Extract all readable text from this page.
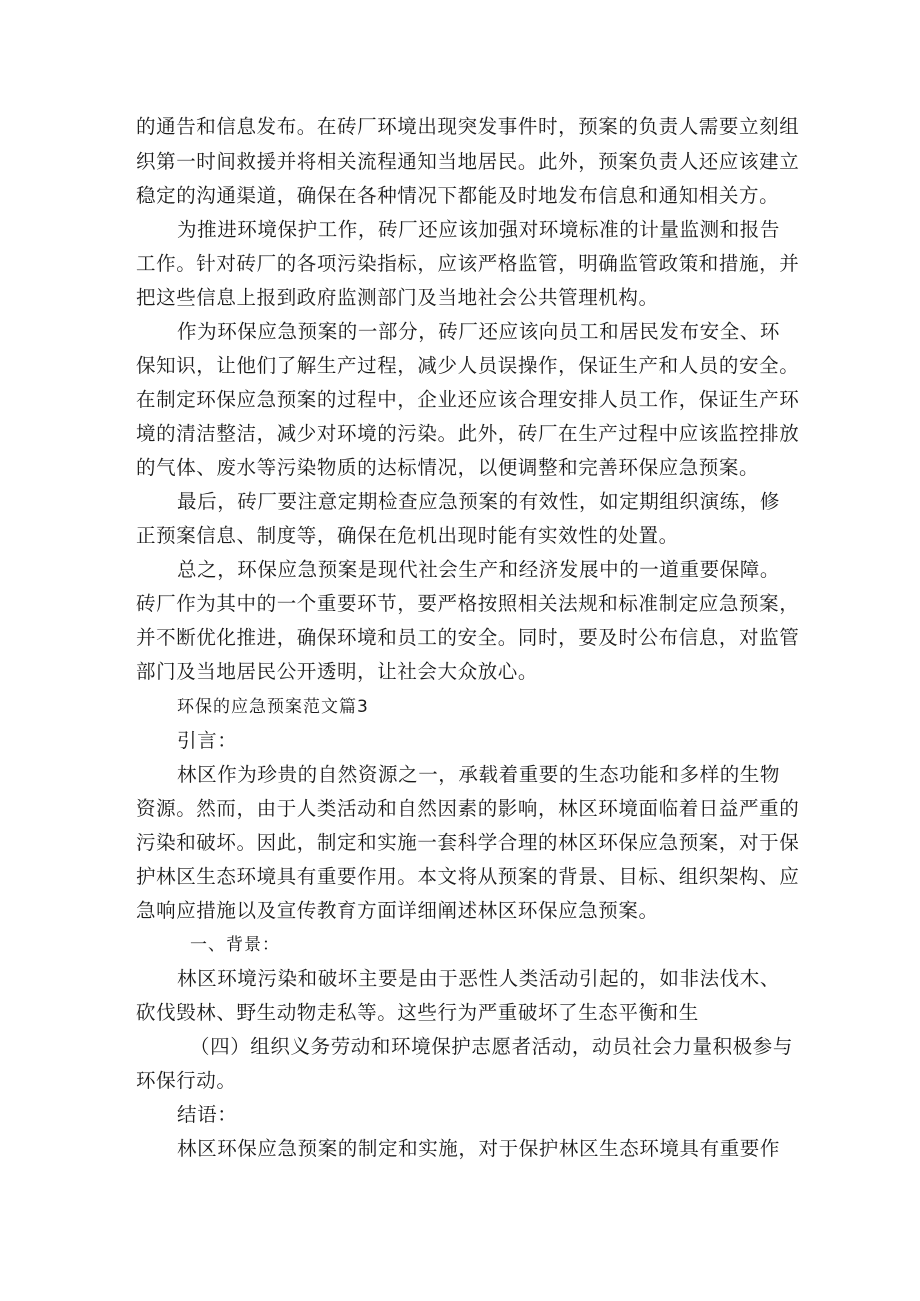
的通告和信息发布。在砖厂环境出现突发事件时，预案的负责人需要立刻组
织第一时间救援并将相关流程通知当地居民。此外，预案负责人还应该建立
稳定的沟通渠道，确保在各种情况下都能及时地发布信息和通知相关方。
为推进环境保护工作，砖厂还应该加强对环境标准的计量监测和报告
工作。针对砖厂的各项污染指标，应该严格监管，明确监管政策和措施，并
把这些信息上报到政府监测部门及当地社会公共管理机构。
作为环保应急预案的一部分，砖厂还应该向员工和居民发布安全、环
保知识，让他们了解生产过程，减少人员误操作，保证生产和人员的安全。
在制定环保应急预案的过程中，企业还应该合理安排人员工作，保证生产环
境的清洁整洁，减少对环境的污染。此外，砖厂在生产过程中应该监控排放
的气体、废水等污染物质的达标情况，以便调整和完善环保应急预案。
最后，砖厂要注意定期检查应急预案的有效性，如定期组织演练，修
正预案信息、制度等，确保在危机出现时能有实效性的处置。
总之，环保应急预案是现代社会生产和经济发展中的一道重要保障。
砖厂作为其中的一个重要环节，要严格按照相关法规和标准制定应急预案，
并不断优化推进，确保环境和员工的安全。同时，要及时公布信息，对监管
部门及当地居民公开透明，让社会大众放心。
环保的应急预案范文篇3
引言：
林区作为珍贵的自然资源之一，承载着重要的生态功能和多样的生物
资源。然而，由于人类活动和自然因素的影响，林区环境面临着日益严重的
污染和破坏。因此，制定和实施一套科学合理的林区环保应急预案，对于保
护林区生态环境具有重要作用。本文将从预案的背景、目标、组织架构、应
急响应措施以及宣传教育方面详细阐述林区环保应急预案。
一、背景：
林区环境污染和破坏主要是由于恶性人类活动引起的，如非法伐木、
砍伐毁林、野生动物走私等。这些行为严重破坏了生态平衡和生
（四）组织义务劳动和环境保护志愿者活动，动员社会力量积极参与
环保行动。
结语：
林区环保应急预案的制定和实施，对于保护林区生态环境具有重要作
